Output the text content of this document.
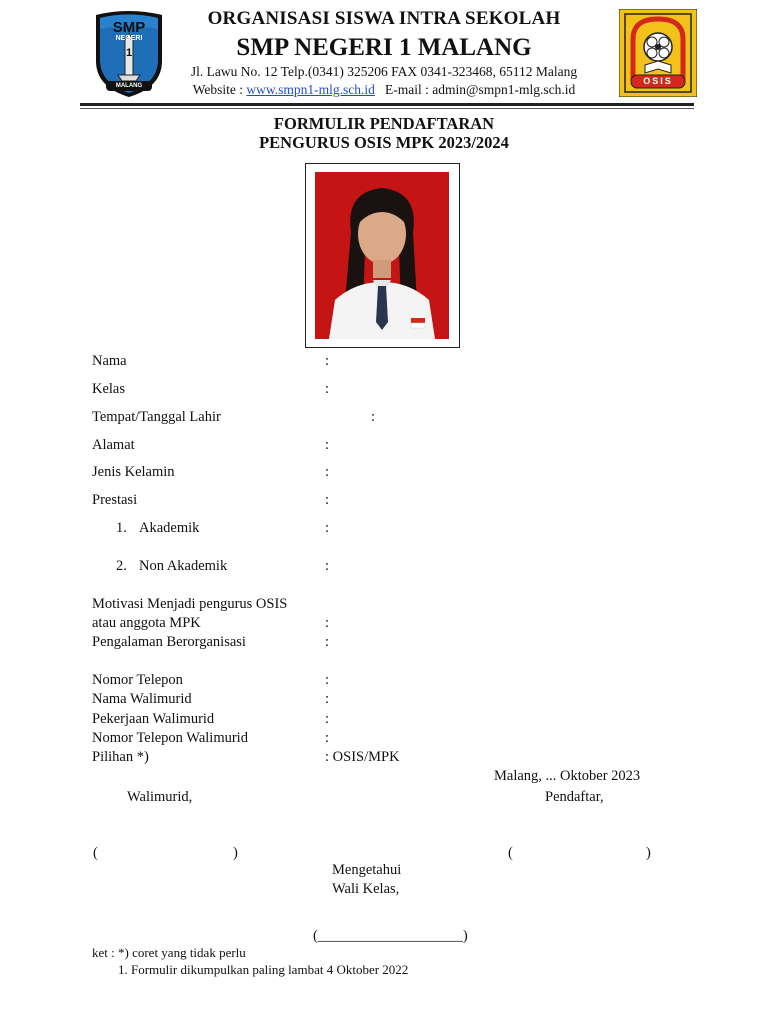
SMP
NEGERI
1
MALANG
ORGANISASI SISWA INTRA SEKOLAH
SMP NEGERI 1 MALANG
Jl. Lawu No. 12 Telp.(0341) 325206 FAX 0341-323468, 65112 Malang
Website : www.smpn1-mlg.sch.id E-mail : admin@smpn1-mlg.sch.id
OSIS
FORMULIR PENDAFTARAN
PENGURUS OSIS MPK 2023/2024
Nama	:
Kelas	:
Tempat/Tanggal Lahir	:
Alamat	:
Jenis Kelamin	:
Prestasi	:
1. Akademik	:
2. Non Akademik	:
Motivasi Menjadi pengurus OSIS
atau anggota MPK	:
Pengalaman Berorganisasi	:
Nomor Telepon	:
Nama Walimurid	:
Pekerjaan Walimurid	:
Nomor Telepon Walimurid	:
Pilihan *)	: OSIS/MPK
Malang, ... Oktober 2023
Walimurid,	Pendaftar,
(	)	(	)
Mengetahui
Wali Kelas,
(____________________)
ket : *) coret yang tidak perlu
1. Formulir dikumpulkan paling lambat 4 Oktober 2022
